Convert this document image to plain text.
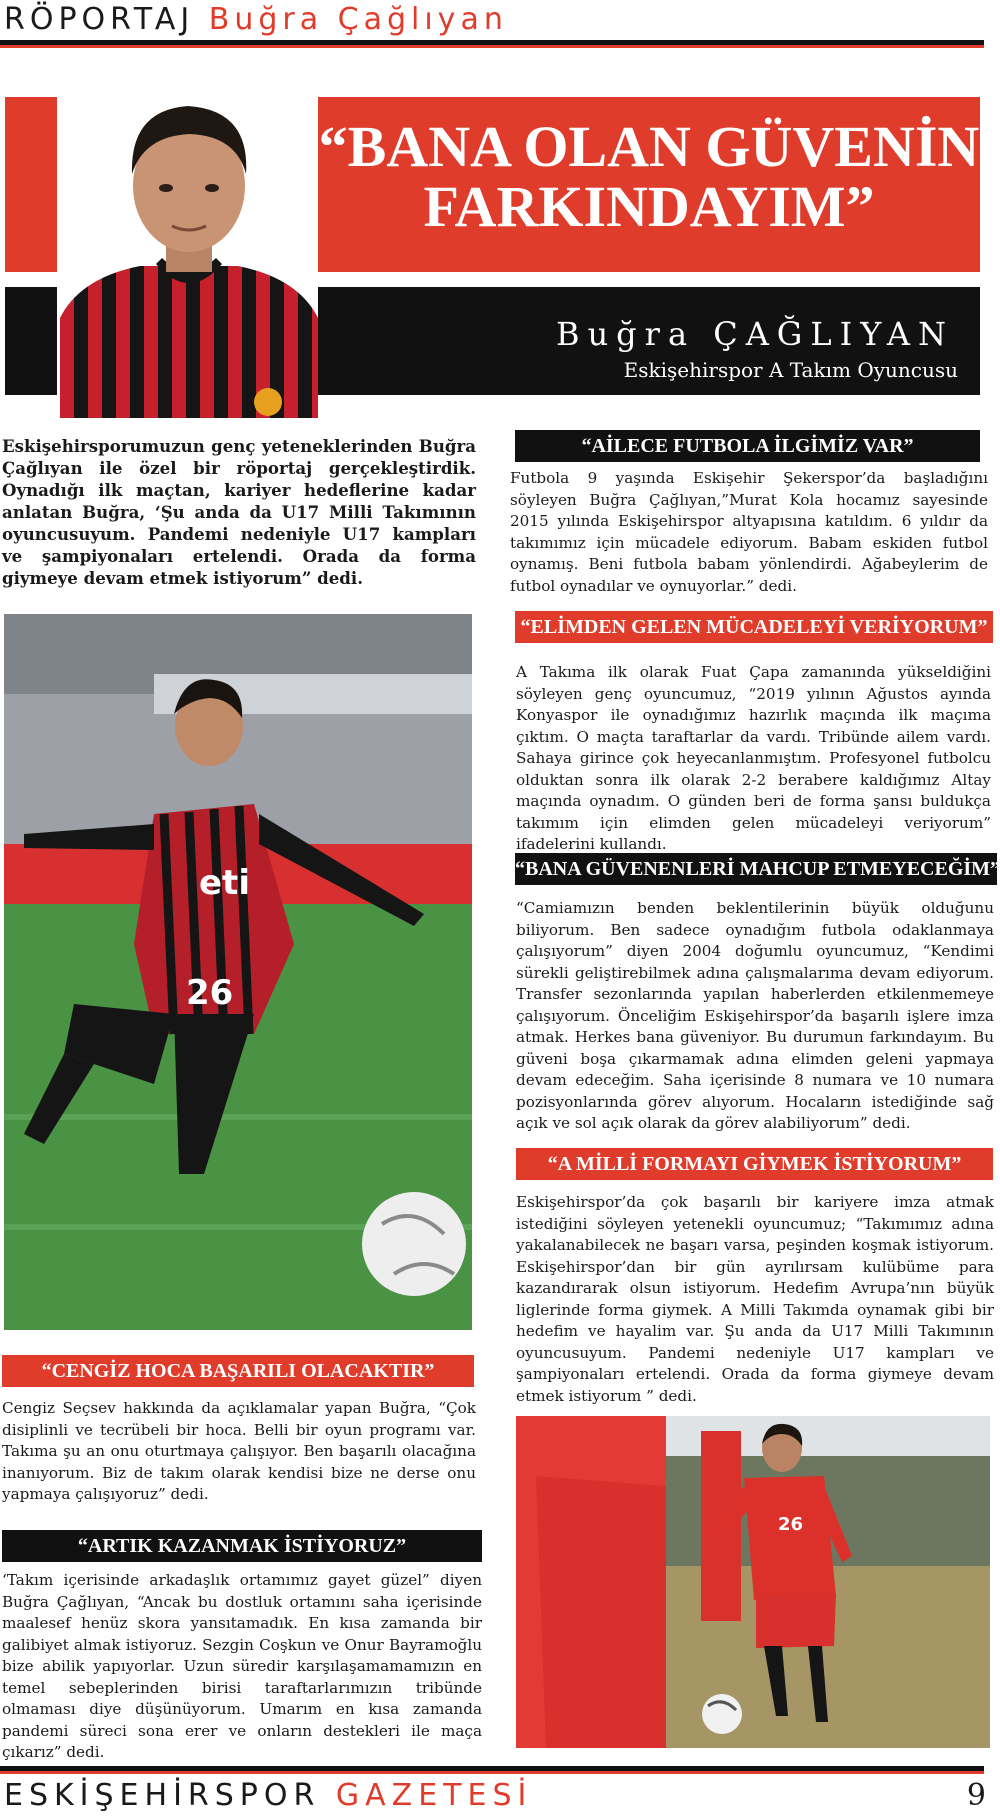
RÖPORTAJ Buğra Çağlıyan
“BANA OLAN GÜVENİN
FARKINDAYIM”
Buğra ÇAĞLIYAN
Eskişehirspor A Takım Oyuncusu
Eskişehirsporumuzun genç yeteneklerinden Buğra Çağlıyan ile özel bir röportaj gerçekleştirdik. Oynadığı ilk maçtan, kariyer hedeflerine kadar anlatan Buğra, ‘Şu anda da U17 Milli Takımının oyuncusuyum. Pandemi nedeniyle U17 kampları ve şampiyonaları ertelendi. Orada da forma giymeye devam etmek istiyorum” dedi.
eti
26
“CENGİZ HOCA BAŞARILI OLACAKTIR”
Cengiz Seçsev hakkında da açıklamalar yapan Buğra, “Çok disiplinli ve tecrübeli bir hoca. Belli bir oyun programı var. Takıma şu an onu oturtmaya çalışıyor. Ben başarılı olacağına inanıyorum. Biz de takım olarak kendisi bize ne derse onu yapmaya çalışıyoruz” dedi.
“ARTIK KAZANMAK İSTİYORUZ”
‘Takım içerisinde arkadaşlık ortamımız gayet güzel” diyen Buğra Çağlıyan, “Ancak bu dostluk ortamını saha içerisinde maalesef henüz skora yansıtamadık. En kısa zamanda bir galibiyet almak istiyoruz. Sezgin Coşkun ve Onur Bayramoğlu bize abilik yapıyorlar. Uzun süredir karşılaşamamamızın en temel sebeplerinden birisi taraftarlarımızın tribünde olmaması diye düşünüyorum. Umarım en kısa zamanda pandemi süreci sona erer ve onların destekleri ile maça çıkarız” dedi.
“AİLECE FUTBOLA İLGİMİZ VAR”
Futbola 9 yaşında Eskişehir Şekerspor’da başladığını söyleyen Buğra Çağlıyan,”Murat Kola hocamız sayesinde 2015 yılında Eskişehirspor altyapısına katıldım. 6 yıldır da takımımız için mücadele ediyorum. Babam eskiden futbol oynamış. Beni futbola babam yönlendirdi. Ağabeylerim de futbol oynadılar ve oynuyorlar.” dedi.
“ELİMDEN GELEN MÜCADELEYİ VERİYORUM”
A Takıma ilk olarak Fuat Çapa zamanında yükseldiğini söyleyen genç oyuncumuz, “2019 yılının Ağustos ayında Konyaspor ile oynadığımız hazırlık maçında ilk maçıma çıktım. O maçta taraftarlar da vardı. Tribünde ailem vardı. Sahaya girince çok heyecanlanmıştım. Profesyonel futbolcu olduktan sonra ilk olarak 2-2 berabere kaldığımız Altay maçında oynadım. O günden beri de forma şansı buldukça takımım için elimden gelen mücadeleyi veriyorum” ifadelerini kullandı.
“BANA GÜVENENLERİ MAHCUP ETMEYECEĞİM”
“Camiamızın benden beklentilerinin büyük olduğunu biliyorum. Ben sadece oynadığım futbola odaklanmaya çalışıyorum” diyen 2004 doğumlu oyuncumuz, “Kendimi sürekli geliştirebilmek adına çalışmalarıma devam ediyorum. Transfer sezonlarında yapılan haberlerden etkilenmemeye çalışıyorum. Önceliğim Eskişehirspor’da başarılı işlere imza atmak. Herkes bana güveniyor. Bu durumun farkındayım. Bu güveni boşa çıkarmamak adına elimden geleni yapmaya devam edeceğim. Saha içerisinde 8 numara ve 10 numara pozisyonlarında görev alıyorum. Hocaların istediğinde sağ açık ve sol açık olarak da görev alabiliyorum” dedi.
“A MİLLİ FORMAYI GİYMEK İSTİYORUM”
Eskişehirspor’da çok başarılı bir kariyere imza atmak istediğini söyleyen yetenekli oyuncumuz; “Takımımız adına yakalanabilecek ne başarı varsa, peşinden koşmak istiyorum. Eskişehirspor’dan bir gün ayrılırsam kulübüme para kazandırarak olsun istiyorum. Hedefim Avrupa’nın büyük liglerinde forma giymek. A Milli Takımda oynamak gibi bir hedefim ve hayalim var. Şu anda da U17 Milli Takımının oyuncusuyum. Pandemi nedeniyle U17 kampları ve şampiyonaları ertelendi. Orada da forma giymeye devam etmek istiyorum ” dedi.
26
ESKİŞEHİRSPOR GAZETESİ	9
